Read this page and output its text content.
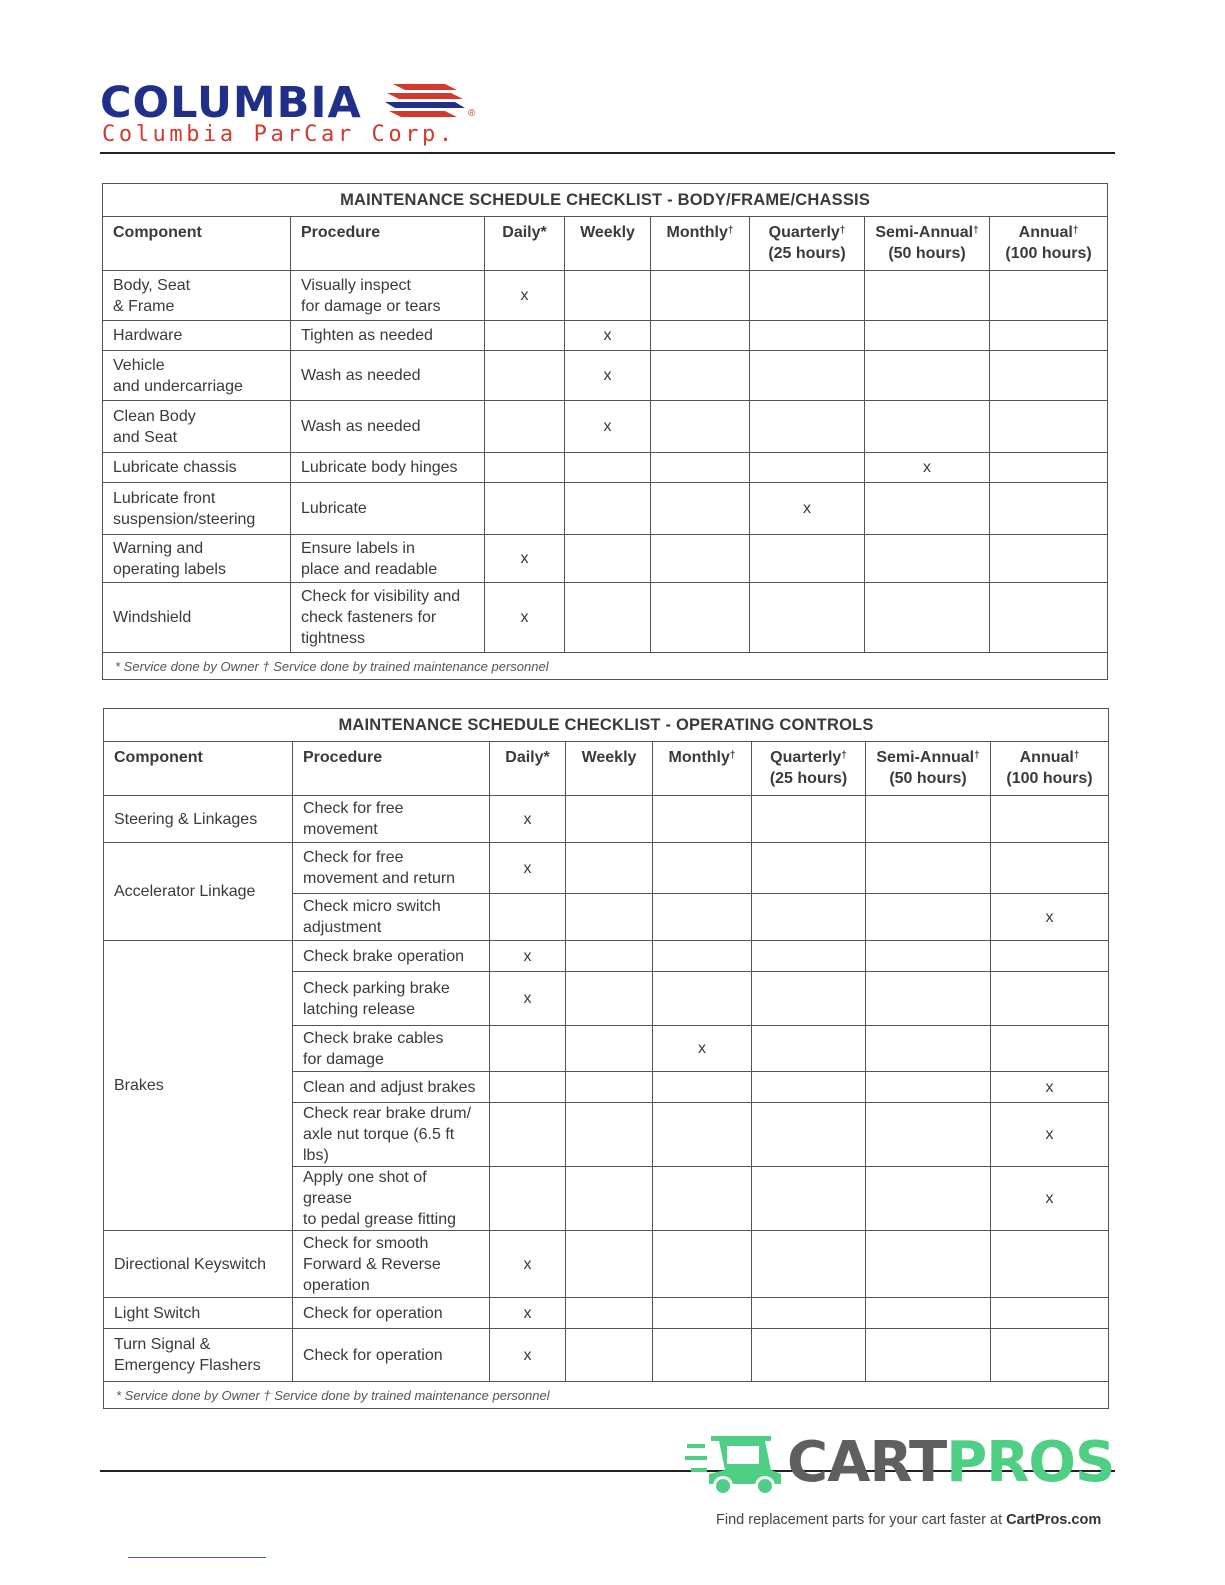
COLUMBIA	®
Columbia ParCar Corp.
MAINTENANCE SCHEDULE CHECKLIST - BODY/FRAME/CHASSIS							
Component	Procedure	Daily*	Weekly	Monthly†	Quarterly†
(25 hours)	Semi-Annual†
(50 hours)	Annual†
(100 hours)
Body, Seat
& Frame	Visually inspect
for damage or tears	x					
Hardware	Tighten as needed		x				
Vehicle
and undercarriage	Wash as needed		x				
Clean Body
and Seat	Wash as needed		x				
Lubricate chassis	Lubricate body hinges					x	
Lubricate front
suspension/steering	Lubricate				x		
Warning and
operating labels	Ensure labels in
place and readable	x					
Windshield	Check for visibility and
check fasteners for
tightness	x					
* Service done by Owner † Service done by trained maintenance personnel							
MAINTENANCE SCHEDULE CHECKLIST - OPERATING CONTROLS							
Component	Procedure	Daily*	Weekly	Monthly†	Quarterly†
(25 hours)	Semi-Annual†
(50 hours)	Annual†
(100 hours)
Steering & Linkages	Check for free
movement	x					
Accelerator Linkage	Check for free
movement and return	x					
	Check micro switch
adjustment						x
Brakes	Check brake operation	x					
	Check parking brake
latching release	x					
	Check brake cables
for damage			x			
	Clean and adjust brakes						x
	Check rear brake drum/
axle nut torque (6.5 ft lbs)						x
	Apply one shot of grease
to pedal grease fitting						x
Directional Keyswitch	Check for smooth
Forward & Reverse
operation	x					
Light Switch	Check for operation	x					
Turn Signal &
Emergency Flashers	Check for operation	x					
* Service done by Owner † Service done by trained maintenance personnel							
CARTPROS
Find replacement parts for your cart faster at CartPros.com
